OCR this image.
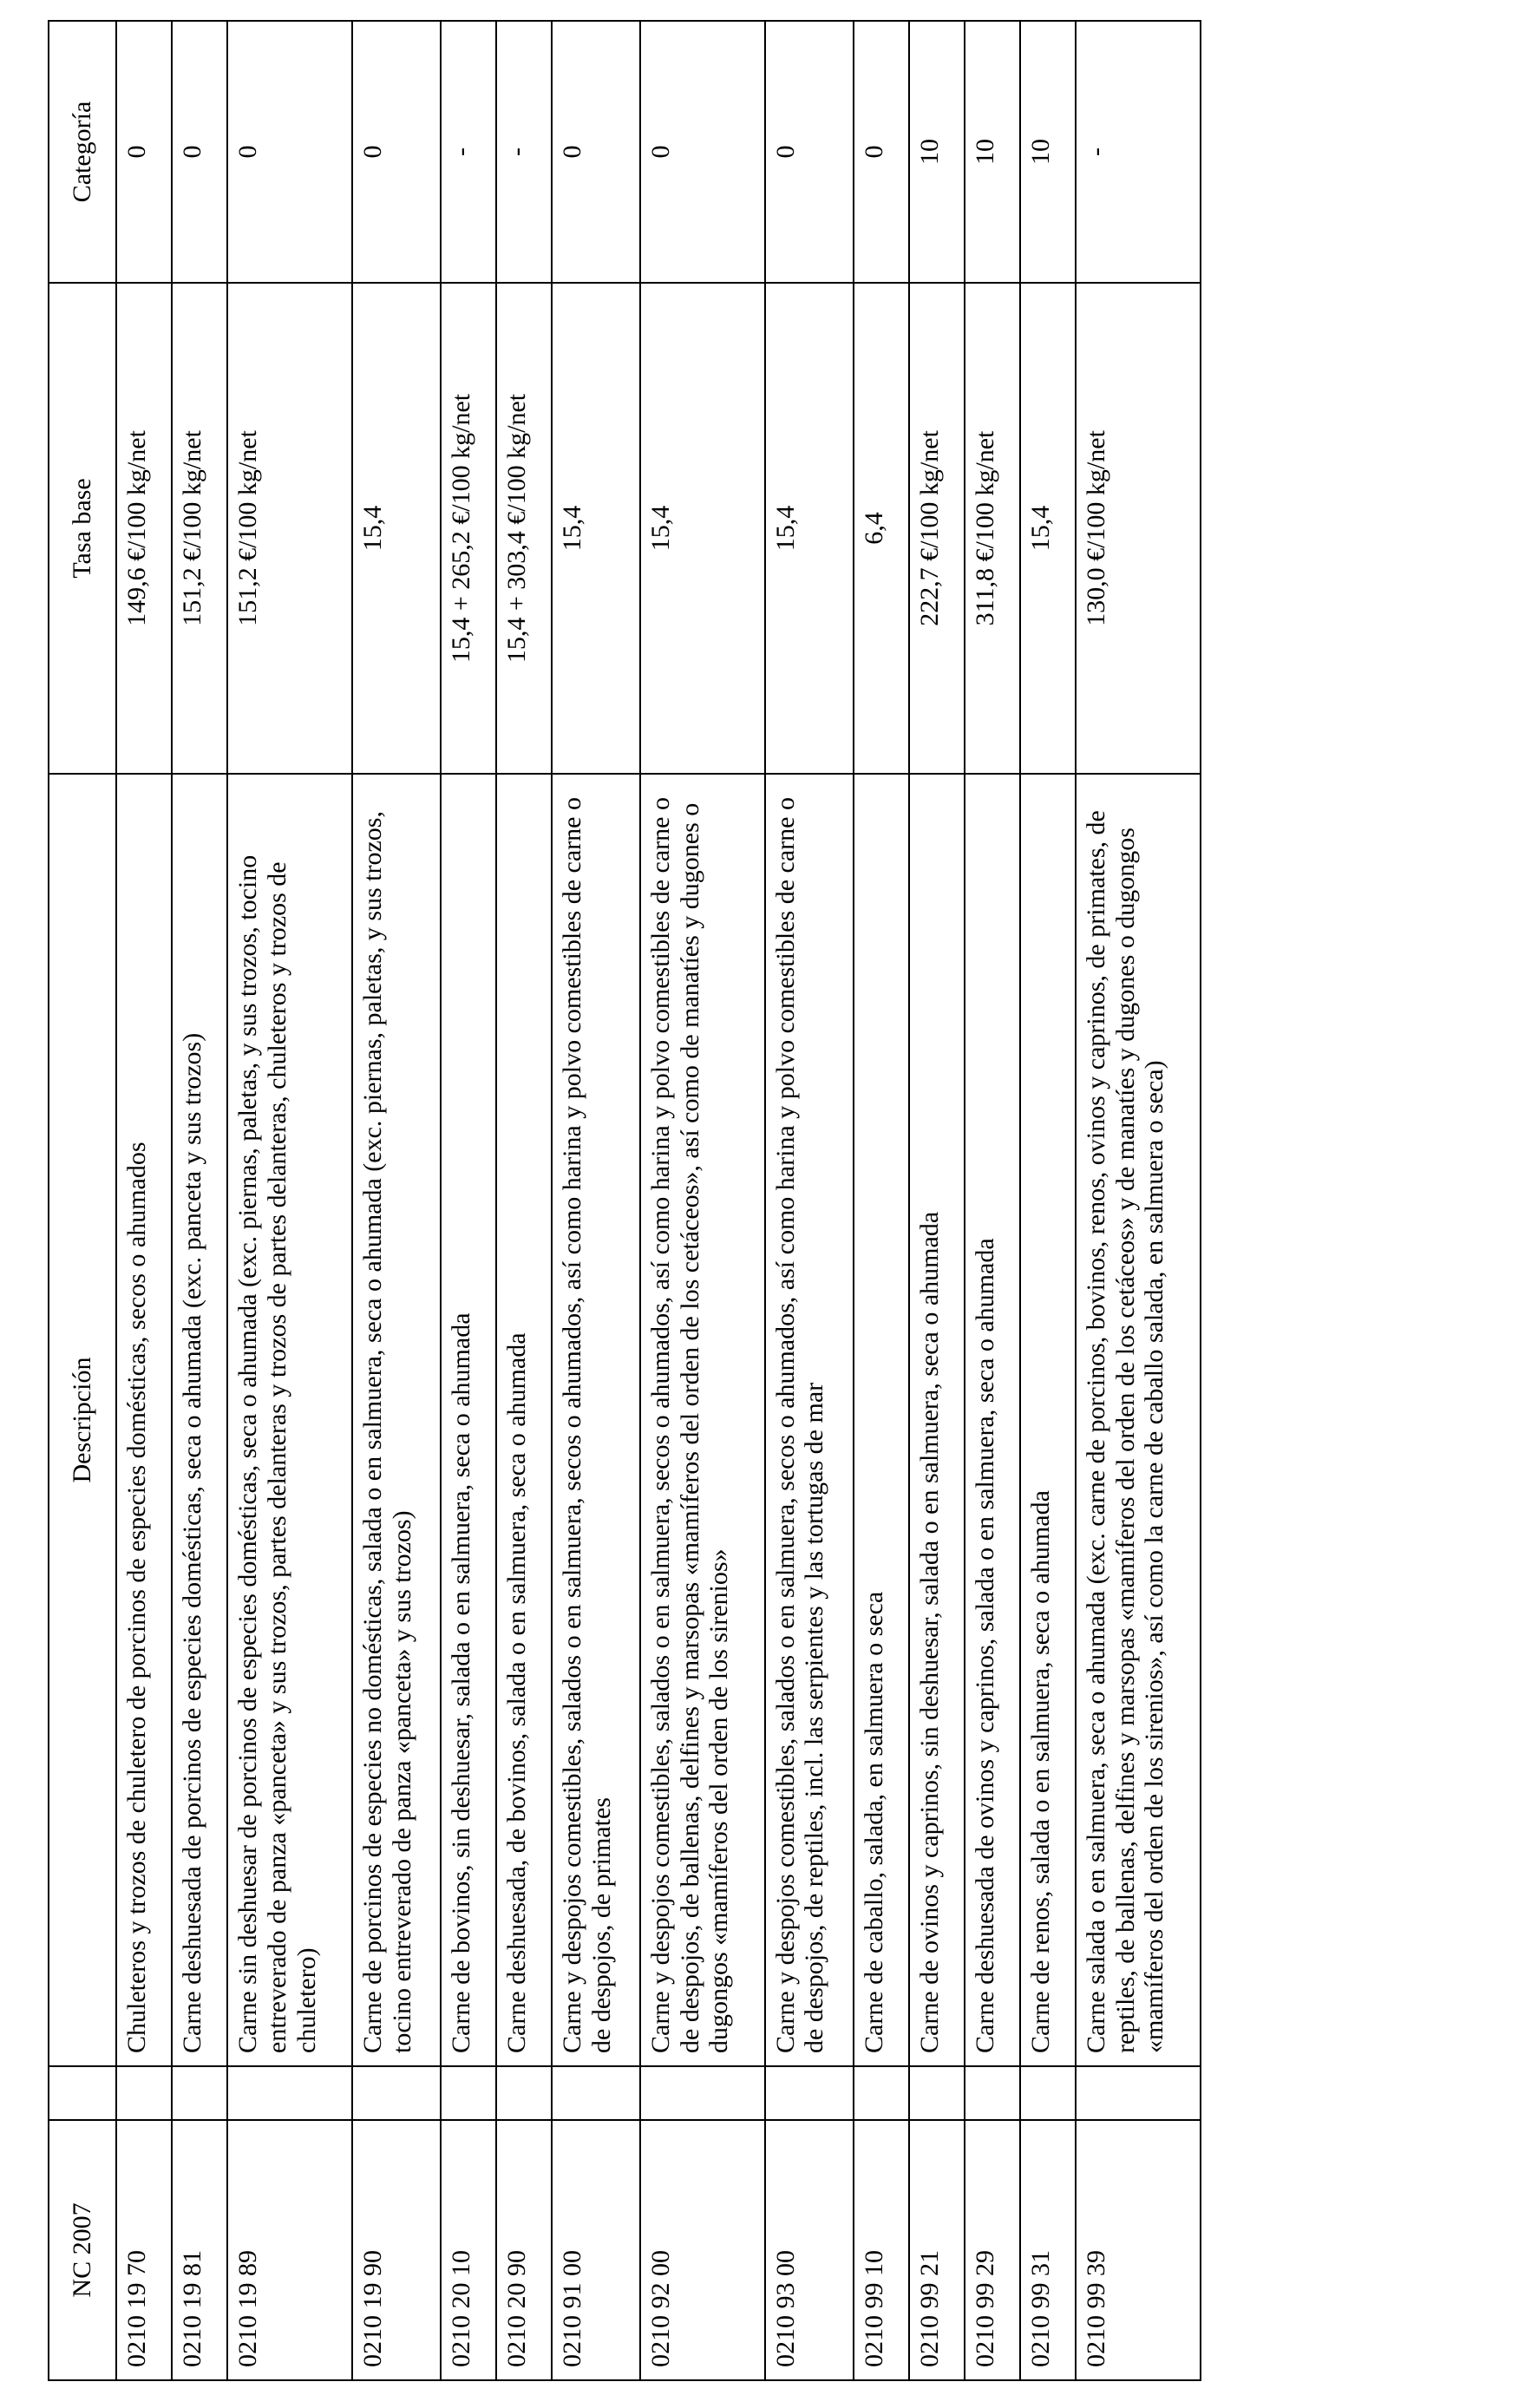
NC 2007		Descripción	Tasa base	Categoría
0210 19 70		Chuleteros y trozos de chuletero de porcinos de especies domésticas, secos o ahumados	149,6 €/100 kg/net	0
0210 19 81		Carne deshuesada de porcinos de especies domésticas, seca o ahumada (exc. panceta y sus trozos)	151,2 €/100 kg/net	0
0210 19 89		Carne sin deshuesar de porcinos de especies domésticas, seca o ahumada (exc. piernas, paletas, y sus trozos, tocino entreverado de panza «panceta» y sus trozos, partes delanteras y trozos de partes delanteras, chuleteros y trozos de chuletero)	151,2 €/100 kg/net	0
0210 19 90		Carne de porcinos de especies no domésticas, salada o en salmuera, seca o ahumada (exc. piernas, paletas, y sus trozos, tocino entreverado de panza «panceta» y sus trozos)	15,4	0
0210 20 10		Carne de bovinos, sin deshuesar, salada o en salmuera, seca o ahumada	15,4 + 265,2 €/100 kg/net	-
0210 20 90		Carne deshuesada, de bovinos, salada o en salmuera, seca o ahumada	15,4 + 303,4 €/100 kg/net	-
0210 91 00		Carne y despojos comestibles, salados o en salmuera, secos o ahumados, así como harina y polvo comestibles de carne o de despojos, de primates	15,4	0
0210 92 00		Carne y despojos comestibles, salados o en salmuera, secos o ahumados, así como harina y polvo comestibles de carne o de despojos, de ballenas, delfines y marsopas «mamíferos del orden de los cetáceos», así como de manatíes y dugones o dugongos «mamíferos del orden de los sirenios»	15,4	0
0210 93 00		Carne y despojos comestibles, salados o en salmuera, secos o ahumados, así como harina y polvo comestibles de carne o de despojos, de reptiles, incl. las serpientes y las tortugas de mar	15,4	0
0210 99 10		Carne de caballo, salada, en salmuera o seca	6,4	0
0210 99 21		Carne de ovinos y caprinos, sin deshuesar, salada o en salmuera, seca o ahumada	222,7 €/100 kg/net	10
0210 99 29		Carne deshuesada de ovinos y caprinos, salada o en salmuera, seca o ahumada	311,8 €/100 kg/net	10
0210 99 31		Carne de renos, salada o en salmuera, seca o ahumada	15,4	10
0210 99 39		Carne salada o en salmuera, seca o ahumada (exc. carne de porcinos, bovinos, renos, ovinos y caprinos, de primates, de reptiles, de ballenas, delfines y marsopas «mamíferos del orden de los cetáceos» y de manatíes y dugones o dugongos «mamíferos del orden de los sirenios», así como la carne de caballo salada, en salmuera o seca)	130,0 €/100 kg/net	-
